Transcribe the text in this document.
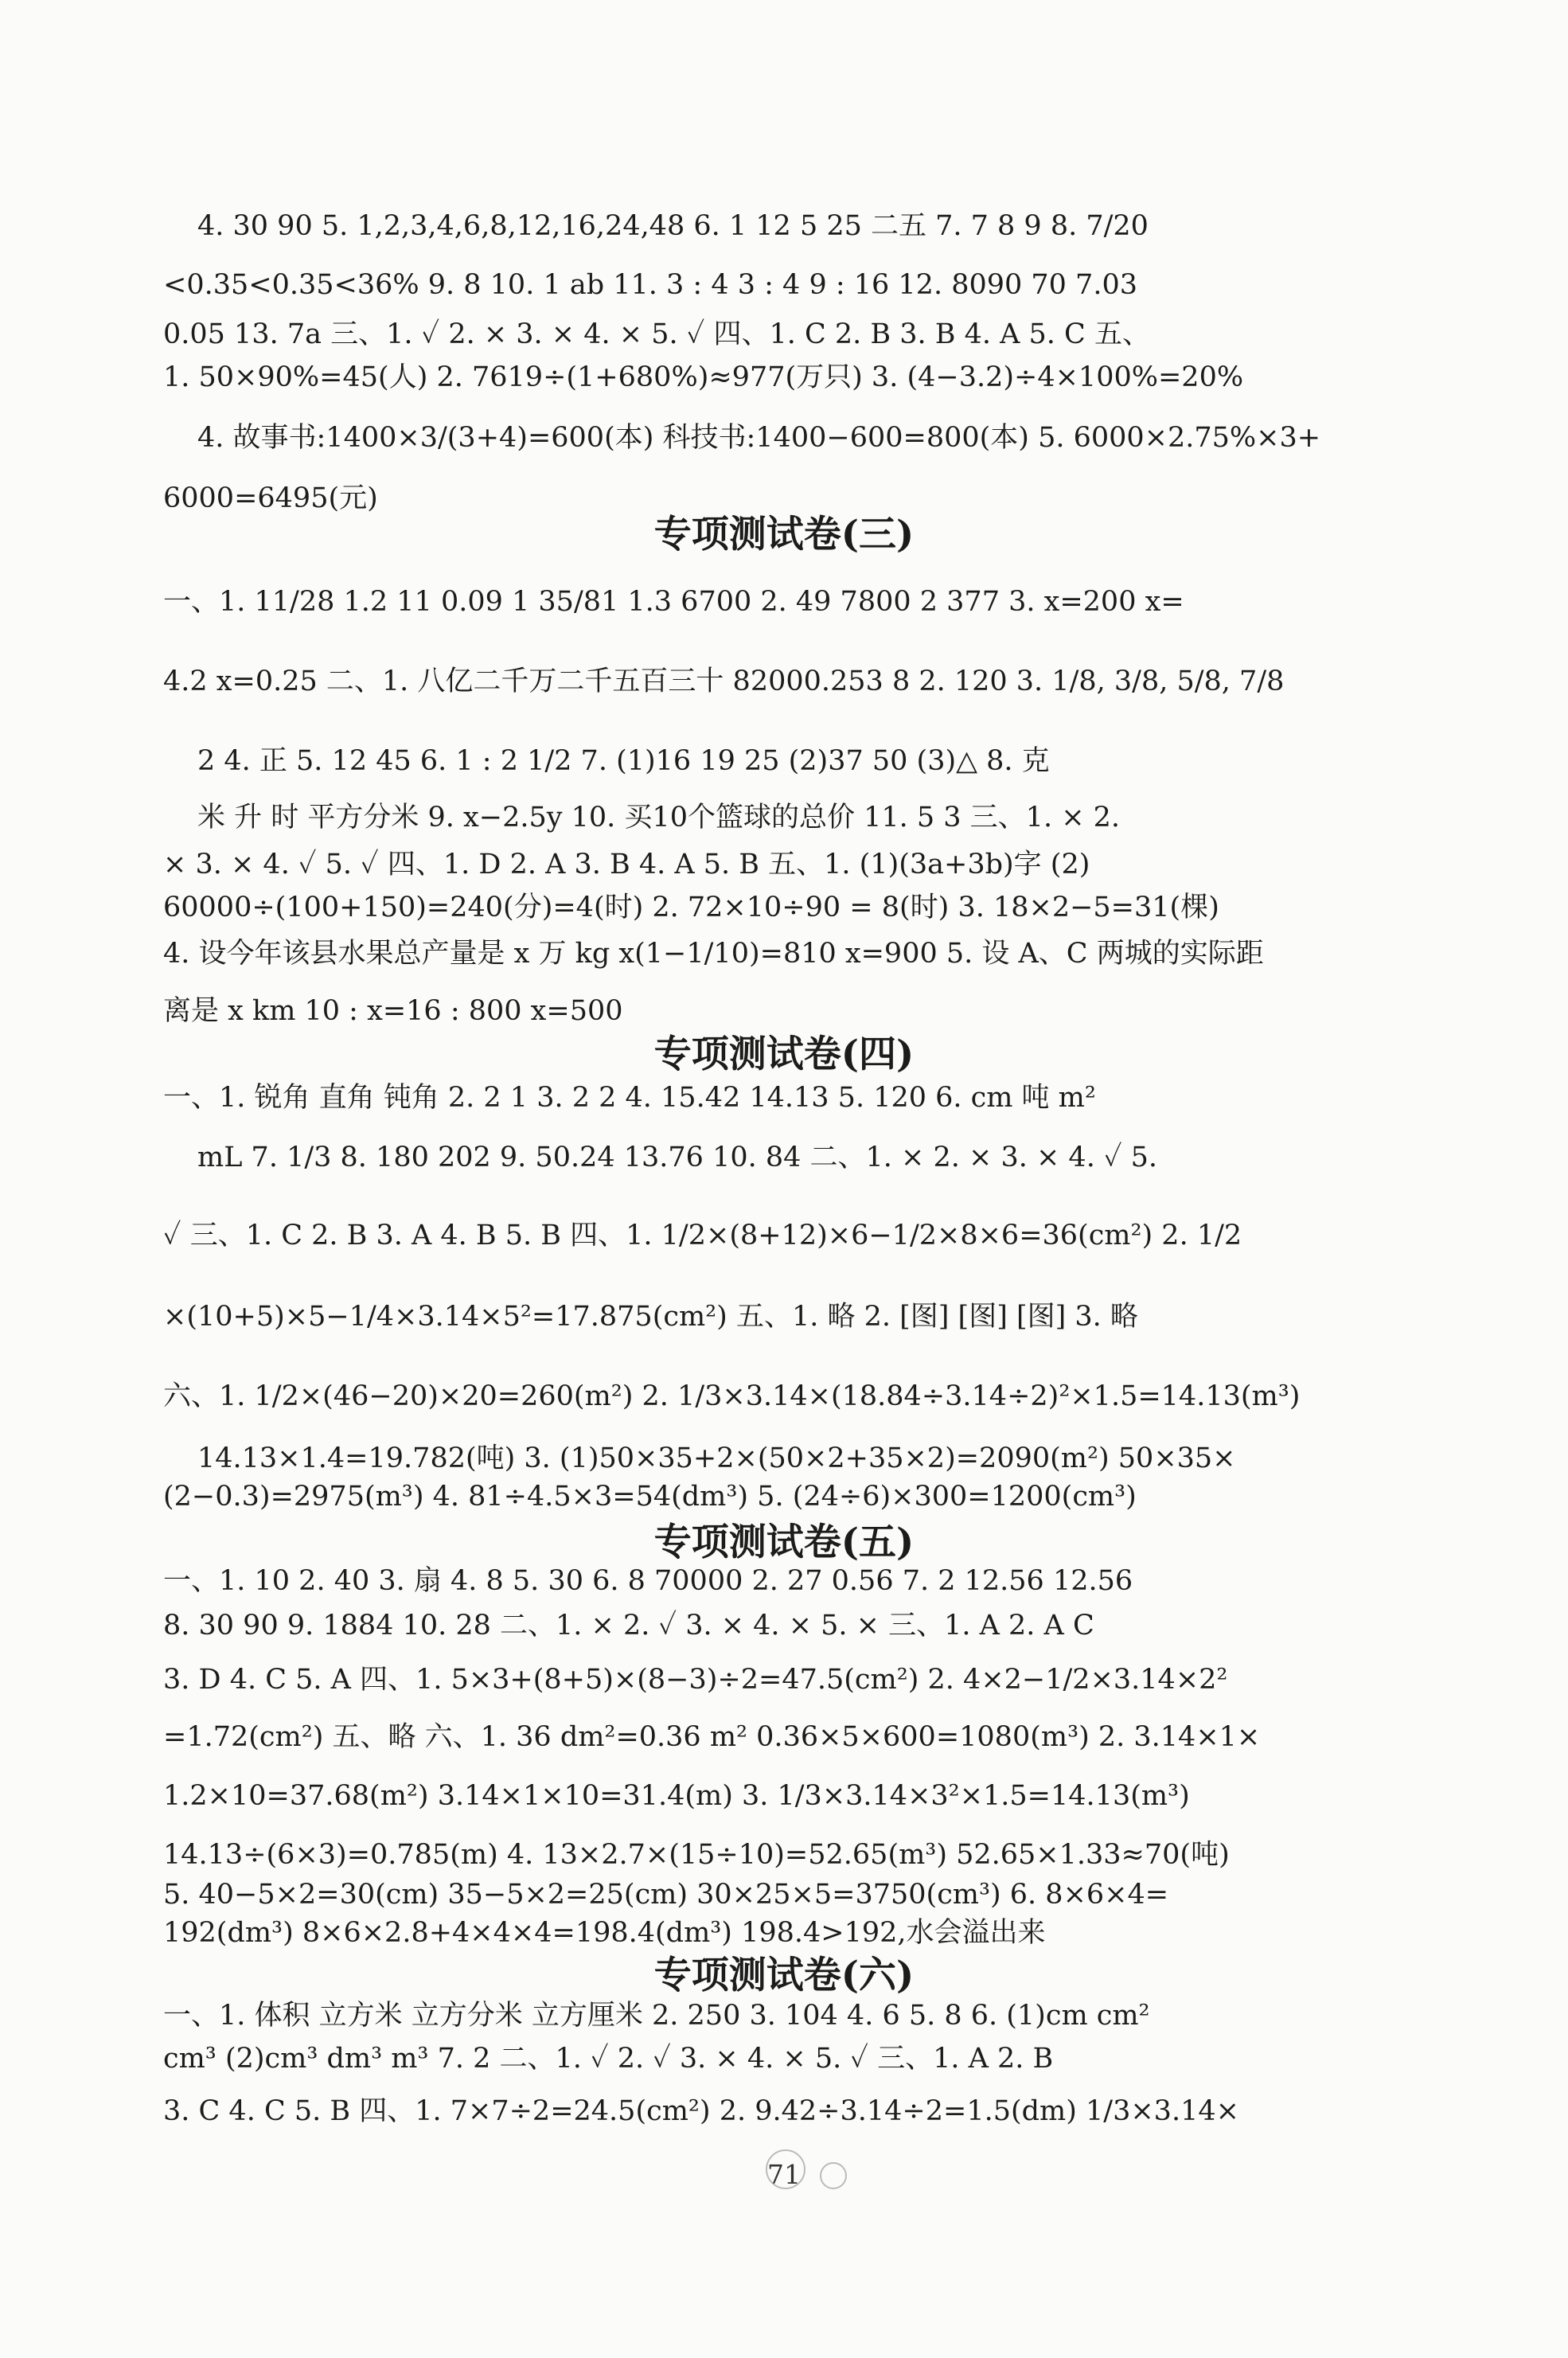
4. 30 90 5. 1,2,3,4,6,8,12,16,24,48 6. 1 12 5 25 二五 7. 7 8 9 8. 7/20
<0.35<0.35<36% 9. 8 10. 1 ab 11. 3 : 4 3 : 4 9 : 16 12. 8090 70 7.03
0.05 13. 7a 三、1. ✓ 2. × 3. × 4. × 5. ✓ 四、1. C 2. B 3. B 4. A 5. C 五、
1. 50×90%=45(人) 2. 7619÷(1+680%)≈977(万只) 3. (4−3.2)÷4×100%=20%
4. 故事书:1400×3/(3+4)=600(本) 科技书:1400−600=800(本) 5. 6000×2.75%×3+
6000=6495(元)
专项测试卷(三)
一、1. 11/28 1.2 11 0.09 1 35/81 1.3 6700 2. 49 7800 2 377 3. x=200 x=
4.2 x=0.25 二、1. 八亿二千万二千五百三十 82000.253 8 2. 120 3. 1/8, 3/8, 5/8, 7/8
2 4. 正 5. 12 45 6. 1 : 2 1/2 7. (1)16 19 25 (2)37 50 (3)△ 8. 克
米 升 时 平方分米 9. x−2.5y 10. 买10个篮球的总价 11. 5 3 三、1. × 2.
× 3. × 4. ✓ 5. ✓ 四、1. D 2. A 3. B 4. A 5. B 五、1. (1)(3a+3b)字 (2)
60000÷(100+150)=240(分)=4(时) 2. 72×10÷90 = 8(时) 3. 18×2−5=31(棵)
4. 设今年该县水果总产量是 x 万 kg x(1−1/10)=810 x=900 5. 设 A、C 两城的实际距
离是 x km 10 : x=16 : 800 x=500
专项测试卷(四)
一、1. 锐角 直角 钝角 2. 2 1 3. 2 2 4. 15.42 14.13 5. 120 6. cm 吨 m²
mL 7. 1/3 8. 180 202 9. 50.24 13.76 10. 84 二、1. × 2. × 3. × 4. ✓ 5.
✓ 三、1. C 2. B 3. A 4. B 5. B 四、1. 1/2×(8+12)×6−1/2×8×6=36(cm²) 2. 1/2
×(10+5)×5−1/4×3.14×5²=17.875(cm²) 五、1. 略 2. [图] [图] [图] 3. 略
六、1. 1/2×(46−20)×20=260(m²) 2. 1/3×3.14×(18.84÷3.14÷2)²×1.5=14.13(m³)
14.13×1.4=19.782(吨) 3. (1)50×35+2×(50×2+35×2)=2090(m²) 50×35×
(2−0.3)=2975(m³) 4. 81÷4.5×3=54(dm³) 5. (24÷6)×300=1200(cm³)
专项测试卷(五)
一、1. 10 2. 40 3. 扇 4. 8 5. 30 6. 8 70000 2. 27 0.56 7. 2 12.56 12.56
8. 30 90 9. 1884 10. 28 二、1. × 2. ✓ 3. × 4. × 5. × 三、1. A 2. A C
3. D 4. C 5. A 四、1. 5×3+(8+5)×(8−3)÷2=47.5(cm²) 2. 4×2−1/2×3.14×2²
=1.72(cm²) 五、略 六、1. 36 dm²=0.36 m² 0.36×5×600=1080(m³) 2. 3.14×1×
1.2×10=37.68(m²) 3.14×1×10=31.4(m) 3. 1/3×3.14×3²×1.5=14.13(m³)
14.13÷(6×3)=0.785(m) 4. 13×2.7×(15÷10)=52.65(m³) 52.65×1.33≈70(吨)
5. 40−5×2=30(cm) 35−5×2=25(cm) 30×25×5=3750(cm³) 6. 8×6×4=
192(dm³) 8×6×2.8+4×4×4=198.4(dm³) 198.4>192,水会溢出来
专项测试卷(六)
一、1. 体积 立方米 立方分米 立方厘米 2. 250 3. 104 4. 6 5. 8 6. (1)cm cm²
cm³ (2)cm³ dm³ m³ 7. 2 二、1. ✓ 2. ✓ 3. × 4. × 5. ✓ 三、1. A 2. B
3. C 4. C 5. B 四、1. 7×7÷2=24.5(cm²) 2. 9.42÷3.14÷2=1.5(dm) 1/3×3.14×
71
